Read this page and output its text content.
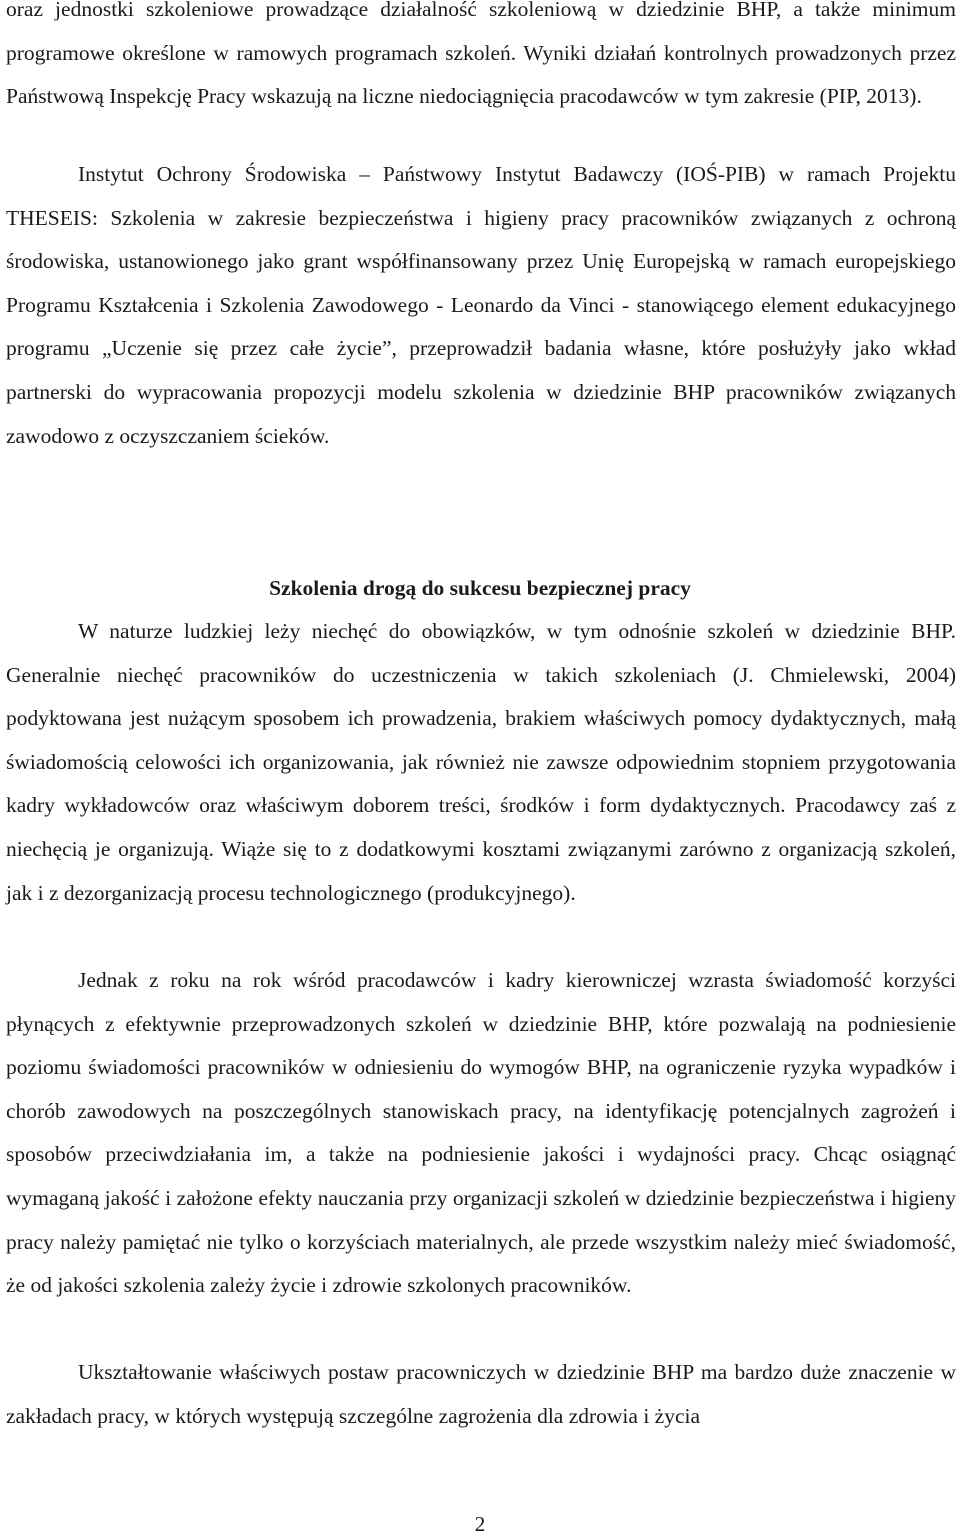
oraz jednostki szkoleniowe prowadzące działalność szkoleniową w dziedzinie BHP, a także minimum programowe określone w ramowych programach szkoleń. Wyniki działań kontrolnych prowadzonych przez Państwową Inspekcję Pracy wskazują na liczne niedociągnięcia pracodawców w tym zakresie (PIP, 2013).

Instytut Ochrony Środowiska – Państwowy Instytut Badawczy (IOŚ-PIB) w ramach Projektu THESEIS: Szkolenia w zakresie bezpieczeństwa i higieny pracy pracowników związanych z ochroną środowiska, ustanowionego jako grant współfinansowany przez Unię Europejską w ramach europejskiego Programu Kształcenia i Szkolenia Zawodowego - Leonardo da Vinci - stanowiącego element edukacyjnego programu „Uczenie się przez całe życie”, przeprowadził badania własne, które posłużyły jako wkład partnerski do wypracowania propozycji modelu szkolenia w dziedzinie BHP pracowników związanych zawodowo z oczyszczaniem ścieków.

Szkolenia drogą do sukcesu bezpiecznej pracy

W naturze ludzkiej leży niechęć do obowiązków, w tym odnośnie szkoleń w dziedzinie BHP. Generalnie niechęć pracowników do uczestniczenia w takich szkoleniach (J. Chmielewski, 2004) podyktowana jest nużącym sposobem ich prowadzenia, brakiem właściwych pomocy dydaktycznych, małą świadomością celowości ich organizowania, jak również nie zawsze odpowiednim stopniem przygotowania kadry wykładowców oraz właściwym doborem treści, środków i form dydaktycznych. Pracodawcy zaś z niechęcią je organizują. Wiąże się to z dodatkowymi kosztami związanymi zarówno z organizacją szkoleń, jak i z dezorganizacją procesu technologicznego (produkcyjnego).

Jednak z roku na rok wśród pracodawców i kadry kierowniczej wzrasta świadomość korzyści płynących z efektywnie przeprowadzonych szkoleń w dziedzinie BHP, które pozwalają na podniesienie poziomu świadomości pracowników w odniesieniu do wymogów BHP, na ograniczenie ryzyka wypadków i chorób zawodowych na poszczególnych stanowiskach pracy, na identyfikację potencjalnych zagrożeń i sposobów przeciwdziałania im, a także na podniesienie jakości i wydajności pracy. Chcąc osiągnąć wymaganą jakość i założone efekty nauczania przy organizacji szkoleń w dziedzinie bezpieczeństwa i higieny pracy należy pamiętać nie tylko o korzyściach materialnych, ale przede wszystkim należy mieć świadomość, że od jakości szkolenia zależy życie i zdrowie szkolonych pracowników.

Ukształtowanie właściwych postaw pracowniczych w dziedzinie BHP ma bardzo duże znaczenie w zakładach pracy, w których występują szczególne zagrożenia dla zdrowia i życia

2
